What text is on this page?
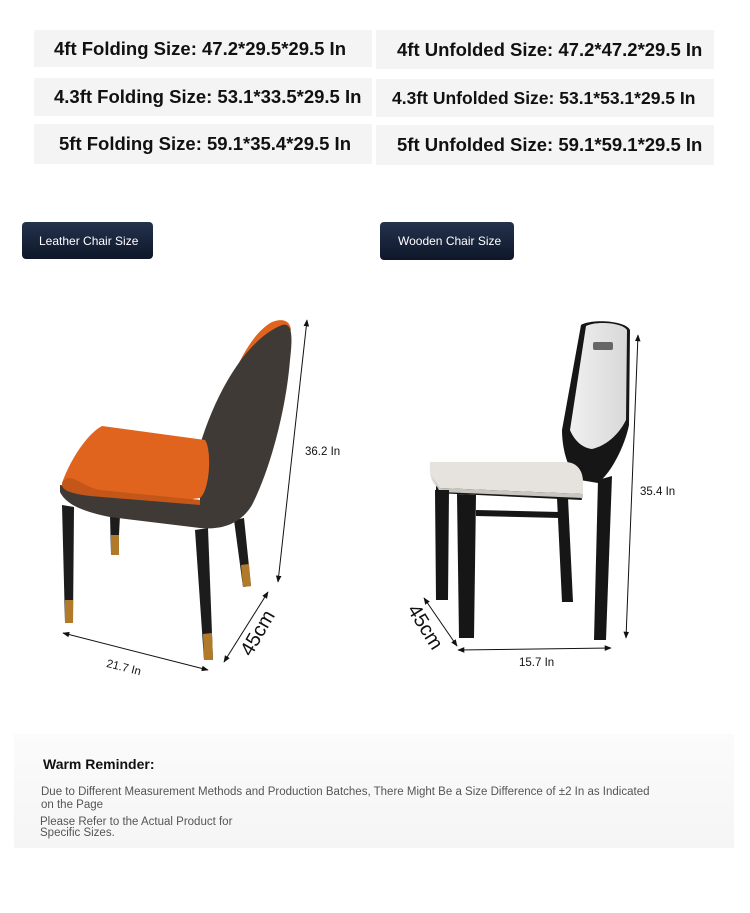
4ft Folding Size: 47.2*29.5*29.5 In	4ft Unfolded Size: 47.2*47.2*29.5 In
4.3ft Folding Size: 53.1*33.5*29.5 In	4.3ft Unfolded Size: 53.1*53.1*29.5 In
5ft Folding Size: 59.1*35.4*29.5 In	5ft Unfolded Size: 59.1*59.1*29.5 In
Leather Chair Size	Wooden Chair Size
36.2 In
21.7 In
45cm
35.4 In
15.7 In
45cm
Warm Reminder:
Due to Different Measurement Methods and Production Batches, There Might Be a Size Difference of ±2 In as Indicated on the Page
Please Refer to the Actual Product for Specific Sizes.
